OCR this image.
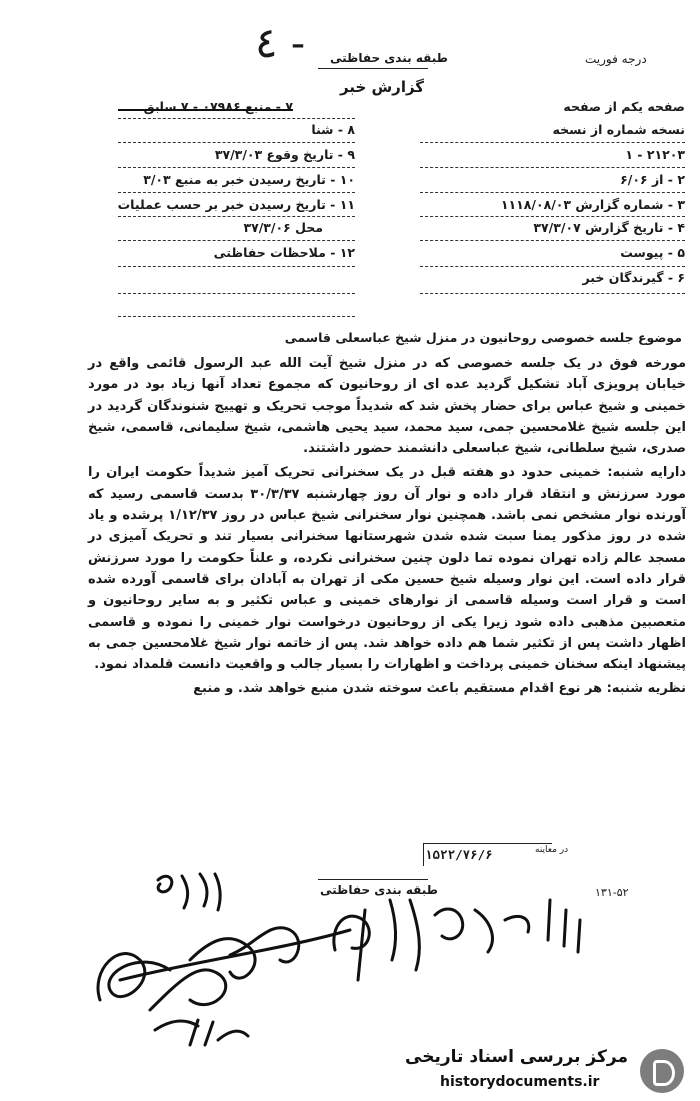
٤ -	درجه فوریت
طبقه بندی حفاظتی
گزارش خبر
۷ - منبع ۰۷۹۸۶ - ۷ سابق
۸ - شنا
۹ - تاریخ وقوع ۳۷/۳/۰۳
۱۰ - تاریخ رسیدن خبر به منبع ۳/۰۳
۱۱ - تاریخ رسیدن خبر بر حسب عملیات
محل ۳۷/۳/۰۶
۱۲ - ملاحظات حفاظتی
صفحه یکم از صفحه
نسخه شماره از نسخه
۱ - ۲۱۲۰۳
۲ - از ۶/۰۶
۳ - شماره گزارش ۱۱۱۸/۰۸/۰۳
۴ - تاریخ گزارش ۳۷/۳/۰۷
۵ - پیوست
۶ - گیرندگان خبر
موضوع جلسه خصوصی روحانیون در منزل شیخ عباسعلی قاسمی

مورخه فوق در یک جلسه خصوصی که در منزل شیخ آیت الله عبد الرسول قائمی واقع در خیابان پرویزی آباد تشکیل گردید عده ای از روحانیون که مجموع تعداد آنها زیاد بود در مورد خمینی و شیخ عباس برای حضار پخش شد که شدیداً موجب تحریک و تهییج شنوندگان گردید در این جلسه شیخ غلامحسین جمی، سید محمد، سید یحیی هاشمی، شیخ سلیمانی، قاسمی، شیخ صدری، شیخ سلطانی، شیخ عباسعلی دانشمند حضور داشتند.

دارایه شنبه: خمینی حدود دو هفته قبل در یک سخنرانی تحریک آمیز شدیداً حکومت ایران را مورد سرزنش و انتقاد قرار داده و نوار آن روز چهارشنبه ۳۰/۳/۳۷ بدست قاسمی رسید که آورنده نوار مشخص نمی باشد. همچنین نوار سخنرانی شیخ عباس در روز ۱/۱۲/۳۷ پرشده و یاد شده در روز مذکور یمنا سبت شده شدن شهرستانها سخنرانی بسیار تند و تحریک آمیزی در مسجد عالم زاده تهران نموده تما دلون چنین سخنرانی نکرده، و علناً حکومت را مورد سرزنش قرار داده است. این نوار وسیله شیخ حسین مکی از تهران به آبادان برای قاسمی آورده شده است و قرار است وسیله قاسمی از نوارهای خمینی و عباس تکثیر و به سایر روحانیون و متعصبین مذهبی داده شود زیرا یکی از روحانیون درخواست نوار خمینی را نموده و قاسمی اظهار داشت پس از تکثیر شما هم داده خواهد شد. پس از خاتمه نوار شیخ غلامحسین جمی به پیشنهاد اینکه سخنان خمینی پرداخت و اظهارات را بسیار جالب و واقعیت دانست قلمداد نمود.

نظریه شنبه: هر نوع اقدام مستقیم باعث سوخته شدن منبع خواهد شد. و منبع

۱۵۲۲/۷۶/۶	در معاینه
طبقه بندی حفاظتی	۱۳۱-۵۲
مرکز بررسی اسناد تاریخی
historydocuments.ir
